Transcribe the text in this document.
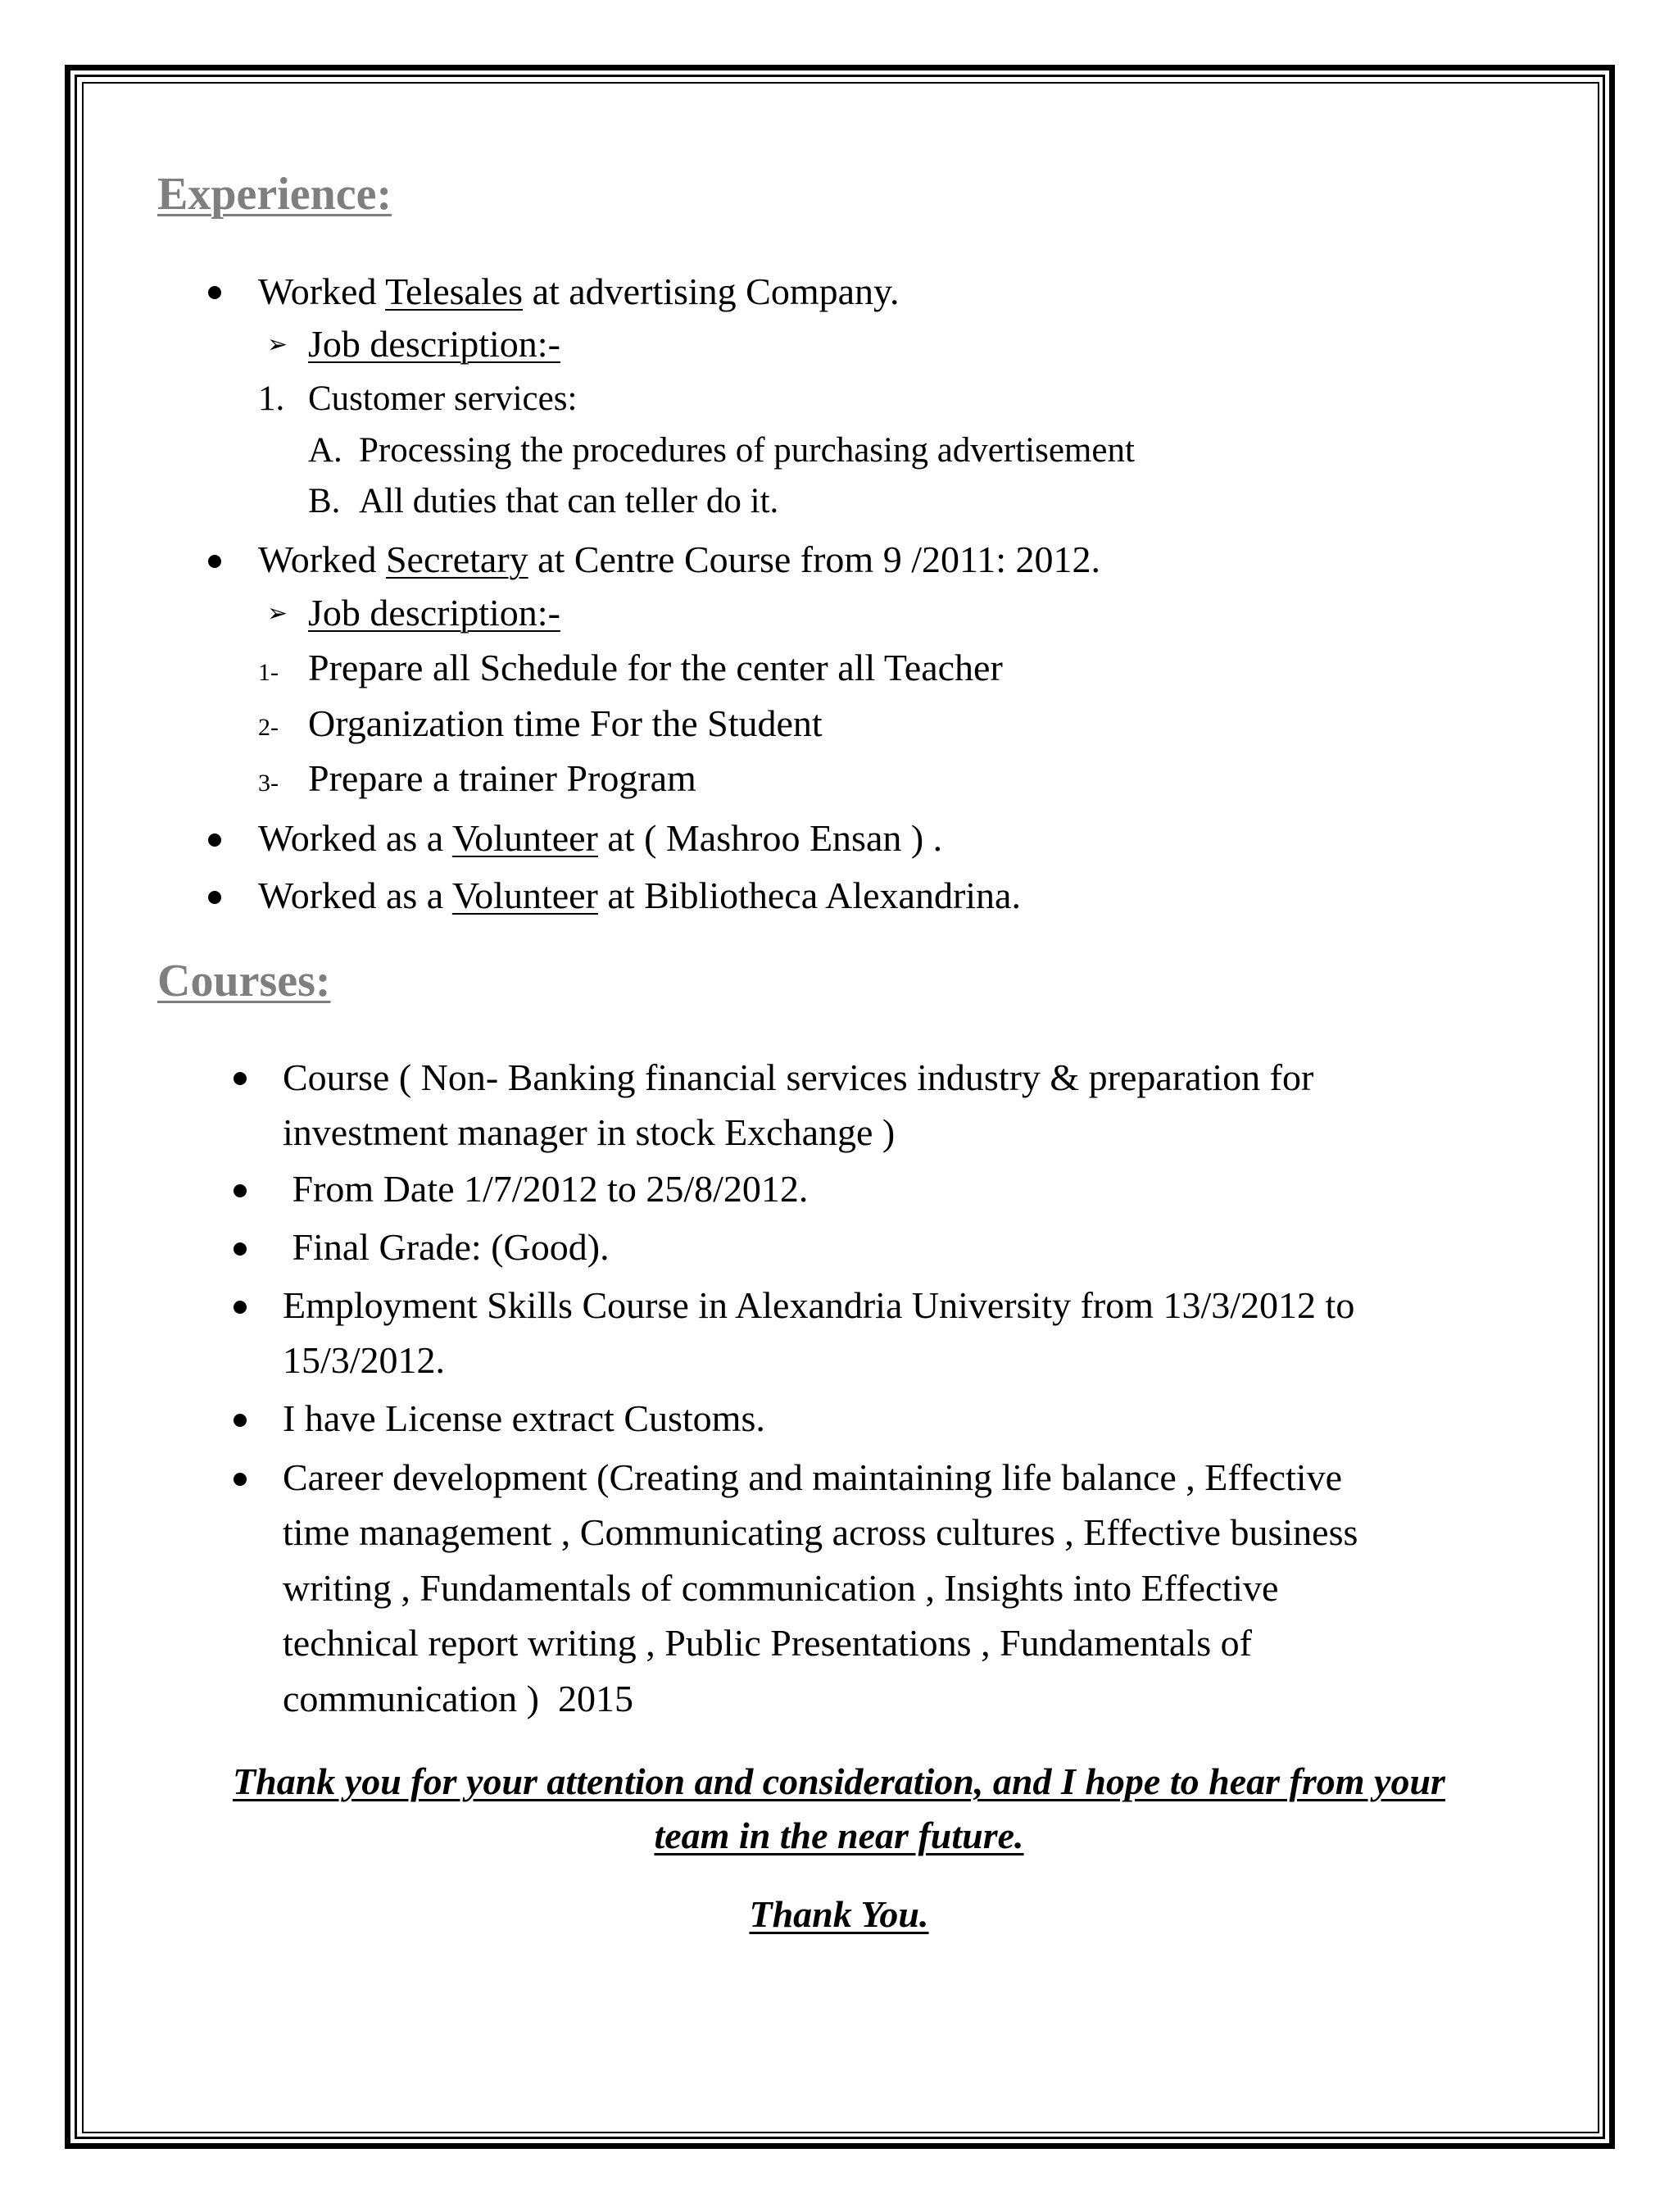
Experience:
Worked Telesales at advertising Company.
➢ Job description:-
1. Customer services:
A. Processing the procedures of purchasing advertisement
B. All duties that can teller do it.
Worked Secretary at Centre Course from 9 /2011: 2012.
➢ Job description:-
1- Prepare all Schedule for the center all Teacher
2- Organization time For the Student
3- Prepare a trainer Program
Worked as a Volunteer at ( Mashroo Ensan ) .
Worked as a Volunteer at Bibliotheca Alexandrina.
Courses:
Course ( Non- Banking financial services industry & preparation for
investment manager in stock Exchange )
From Date 1/7/2012 to 25/8/2012.
Final Grade: (Good).
Employment Skills Course in Alexandria University from 13/3/2012 to
15/3/2012.
I have License extract Customs.
Career development (Creating and maintaining life balance , Effective
time management , Communicating across cultures , Effective business
writing , Fundamentals of communication , Insights into Effective
technical report writing , Public Presentations , Fundamentals of
communication )  2015
Thank you for your attention and consideration, and I hope to hear from your
team in the near future.
Thank You.
